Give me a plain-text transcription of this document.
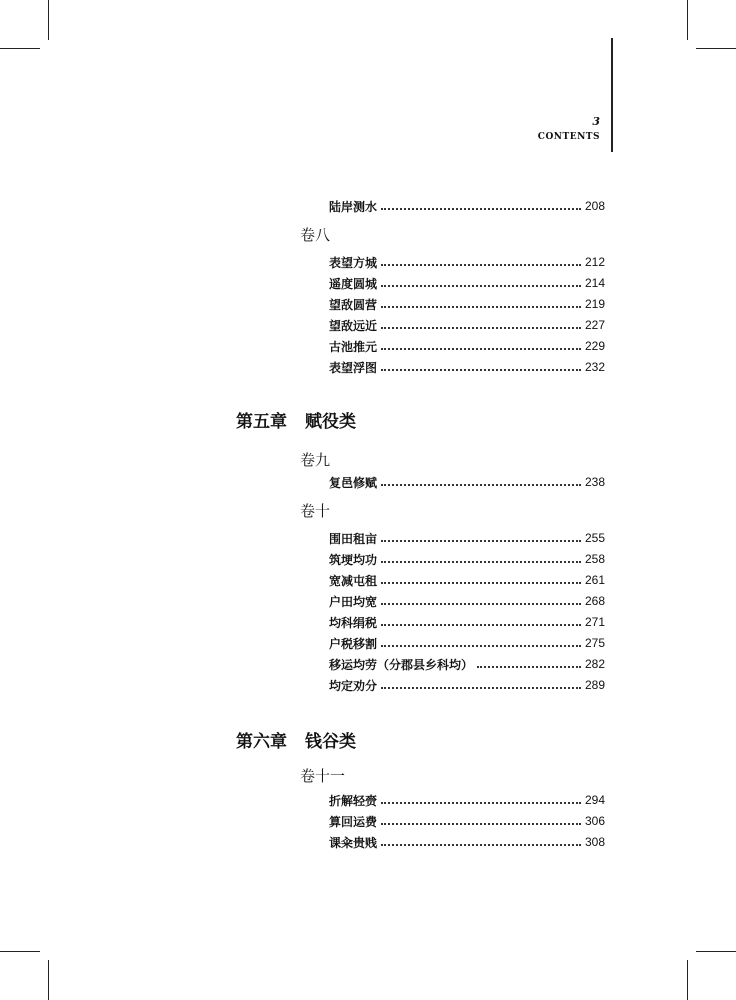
3
CONTENTS
陆岸测水	208
卷八
表望方城	212
遥度圆城	214
望敌圆营	219
望敌远近	227
古池推元	229
表望浮图	232
第五章 赋役类
卷九
复邑修赋	238
卷十
围田租亩	255
筑埂均功	258
宽减屯租	261
户田均宽	268
均科绢税	271
户税移割	275
移运均劳（分郡县乡科均）	282
均定劝分	289
第六章 钱谷类
卷十一
折解轻赍	294
算回运费	306
课籴贵贱	308
